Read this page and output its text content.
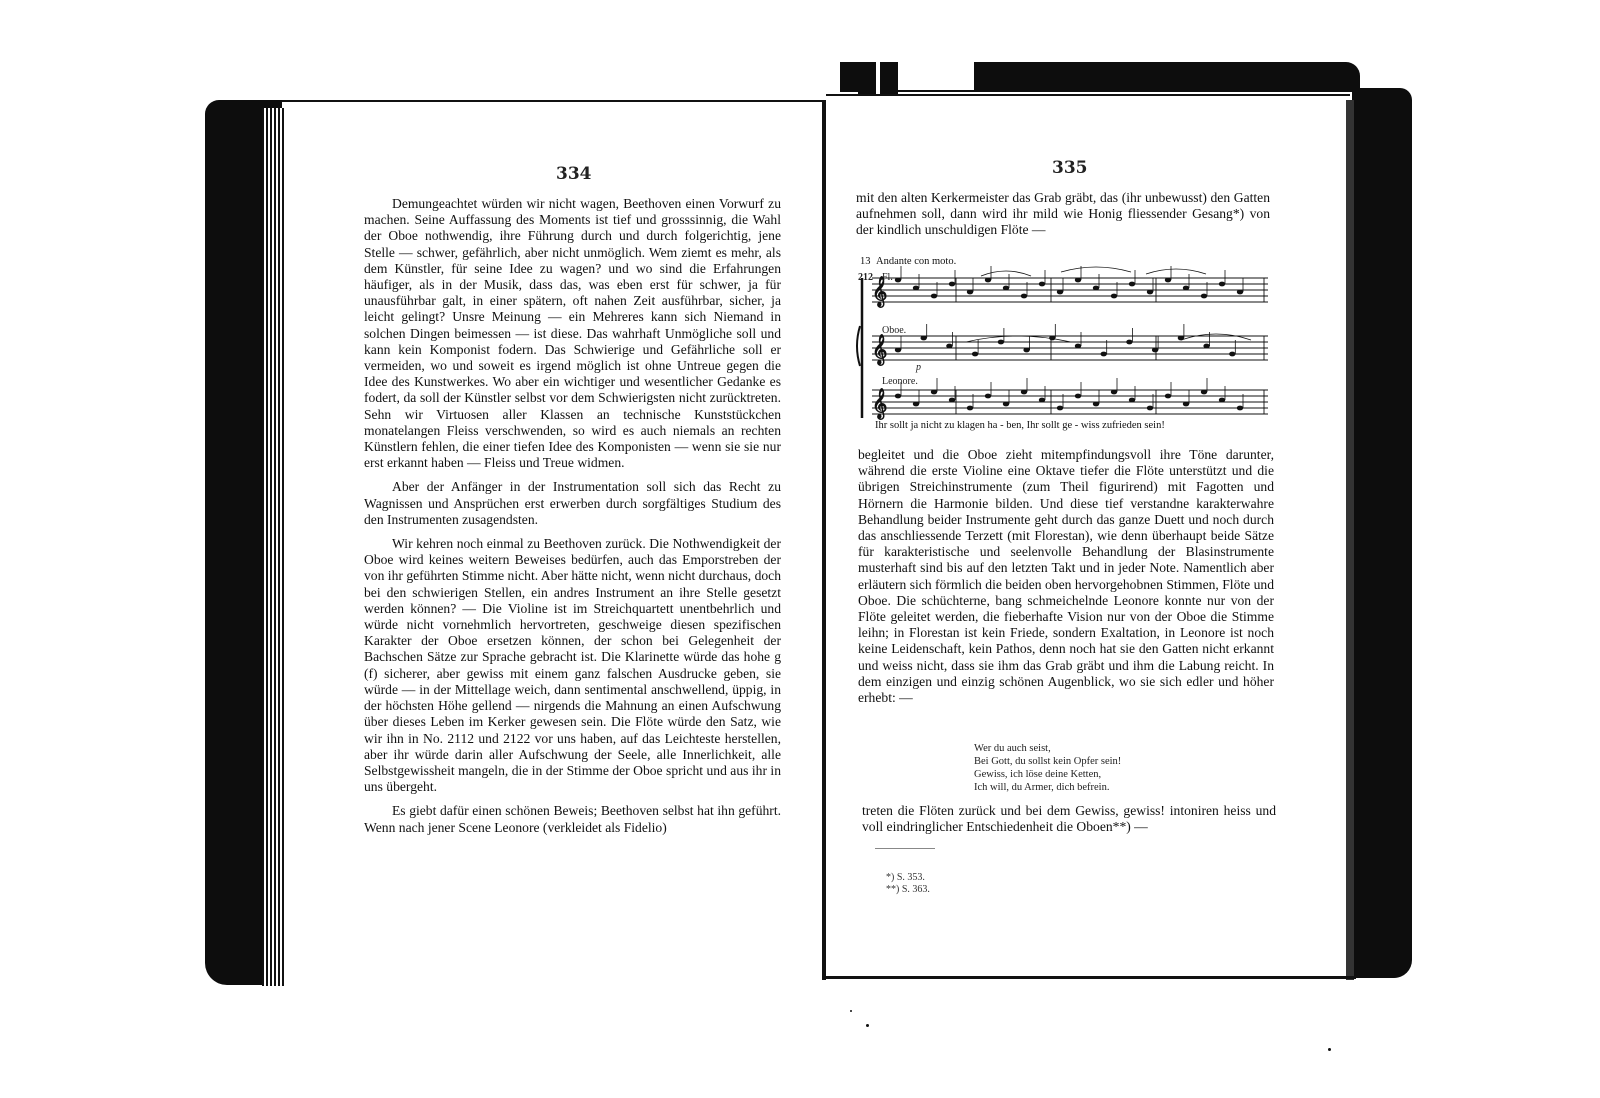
334

Demungeachtet würden wir nicht wagen, Beethoven einen Vorwurf zu machen. Seine Auffassung des Moments ist tief und grosssinnig, die Wahl der Oboe nothwendig, ihre Führung durch und durch folgerichtig, jene Stelle — schwer, gefährlich, aber nicht unmöglich. Wem ziemt es mehr, als dem Künstler, für seine Idee zu wagen? und wo sind die Erfahrungen häufiger, als in der Musik, dass das, was eben erst für schwer, ja für unausführbar galt, in einer spätern, oft nahen Zeit ausführbar, sicher, ja leicht gelingt? Unsre Meinung — ein Mehreres kann sich Niemand in solchen Dingen beimessen — ist diese. Das wahrhaft Unmögliche soll und kann kein Komponist fodern. Das Schwierige und Gefährliche soll er vermeiden, wo und soweit es irgend möglich ist ohne Untreue gegen die Idee des Kunstwerkes. Wo aber ein wichtiger und wesentlicher Gedanke es fodert, da soll der Künstler selbst vor dem Schwierigsten nicht zurücktreten. Sehn wir Virtuosen aller Klassen an technische Kunststückchen monatelangen Fleiss verschwenden, so wird es auch niemals an rechten Künstlern fehlen, die einer tiefen Idee des Komponisten — wenn sie sie nur erst erkannt haben — Fleiss und Treue widmen.

Aber der Anfänger in der Instrumentation soll sich das Recht zu Wagnissen und Ansprüchen erst erwerben durch sorgfältiges Studium des den Instrumenten zusagendsten.

Wir kehren noch einmal zu Beethoven zurück. Die Nothwendigkeit der Oboe wird keines weitern Beweises bedürfen, auch das Emporstreben der von ihr geführten Stimme nicht. Aber hätte nicht, wenn nicht durchaus, doch bei den schwierigen Stellen, ein andres Instrument an ihre Stelle gesetzt werden können? — Die Violine ist im Streichquartett unentbehrlich und würde nicht vornehmlich hervortreten, geschweige diesen spezifischen Karakter der Oboe ersetzen können, der schon bei Gelegenheit der Bachschen Sätze zur Sprache gebracht ist. Die Klarinette würde das hohe g (f) sicherer, aber gewiss mit einem ganz falschen Ausdrucke geben, sie würde — in der Mittellage weich, dann sentimental anschwellend, üppig, in der höchsten Höhe gellend — nirgends die Mahnung an einen Aufschwung über dieses Leben im Kerker gewesen sein. Die Flöte würde den Satz, wie wir ihn in No. 2112 und 2122 vor uns haben, auf das Leichteste herstellen, aber ihr würde darin aller Aufschwung der Seele, alle Innerlichkeit, alle Selbstgewissheit mangeln, die in der Stimme der Oboe spricht und aus ihr in uns übergeht.

Es giebt dafür einen schönen Beweis; Beethoven selbst hat ihn geführt. Wenn nach jener Scene Leonore (verkleidet als Fidelio)

335

mit den alten Kerkermeister das Grab gräbt, das (ihr unbewusst) den Gatten aufnehmen soll, dann wird ihr mild wie Honig fliessender Gesang*) von der kindlich unschuldigen Flöte —

13 Andante con moto.
212 Fl.
Oboe.
p
Leonore.
𝄞
𝄞
𝄞
Ihr sollt ja nicht zu klagen ha - ben, Ihr sollt ge - wiss zufrieden sein!

begleitet und die Oboe zieht mitempfindungsvoll ihre Töne darunter, während die erste Violine eine Oktave tiefer die Flöte unterstützt und die übrigen Streichinstrumente (zum Theil figurirend) mit Fagotten und Hörnern die Harmonie bilden. Und diese tief verstandne karakterwahre Behandlung beider Instrumente geht durch das ganze Duett und noch durch das anschliessende Terzett (mit Florestan), wie denn überhaupt beide Sätze für karakteristische und seelenvolle Behandlung der Blasinstrumente musterhaft sind bis auf den letzten Takt und in jeder Note. Namentlich aber erläutern sich förmlich die beiden oben hervorgehobnen Stimmen, Flöte und Oboe. Die schüchterne, bang schmeichelnde Leonore konnte nur von der Flöte geleitet werden, die fieberhafte Vision nur von der Oboe die Stimme leihn; in Florestan ist kein Friede, sondern Exaltation, in Leonore ist noch keine Leidenschaft, kein Pathos, denn noch hat sie den Gatten nicht erkannt und weiss nicht, dass sie ihm das Grab gräbt und ihm die Labung reicht. In dem einzigen und einzig schönen Augenblick, wo sie sich edler und höher erhebt: —

Wer du auch seist,
Bei Gott, du sollst kein Opfer sein!
Gewiss, ich löse deine Ketten,
Ich will, du Armer, dich befrein.

treten die Flöten zurück und bei dem Gewiss, gewiss! intoniren heiss und voll eindringlicher Entschiedenheit die Oboen**) —

*) S. 353.
**) S. 363.
